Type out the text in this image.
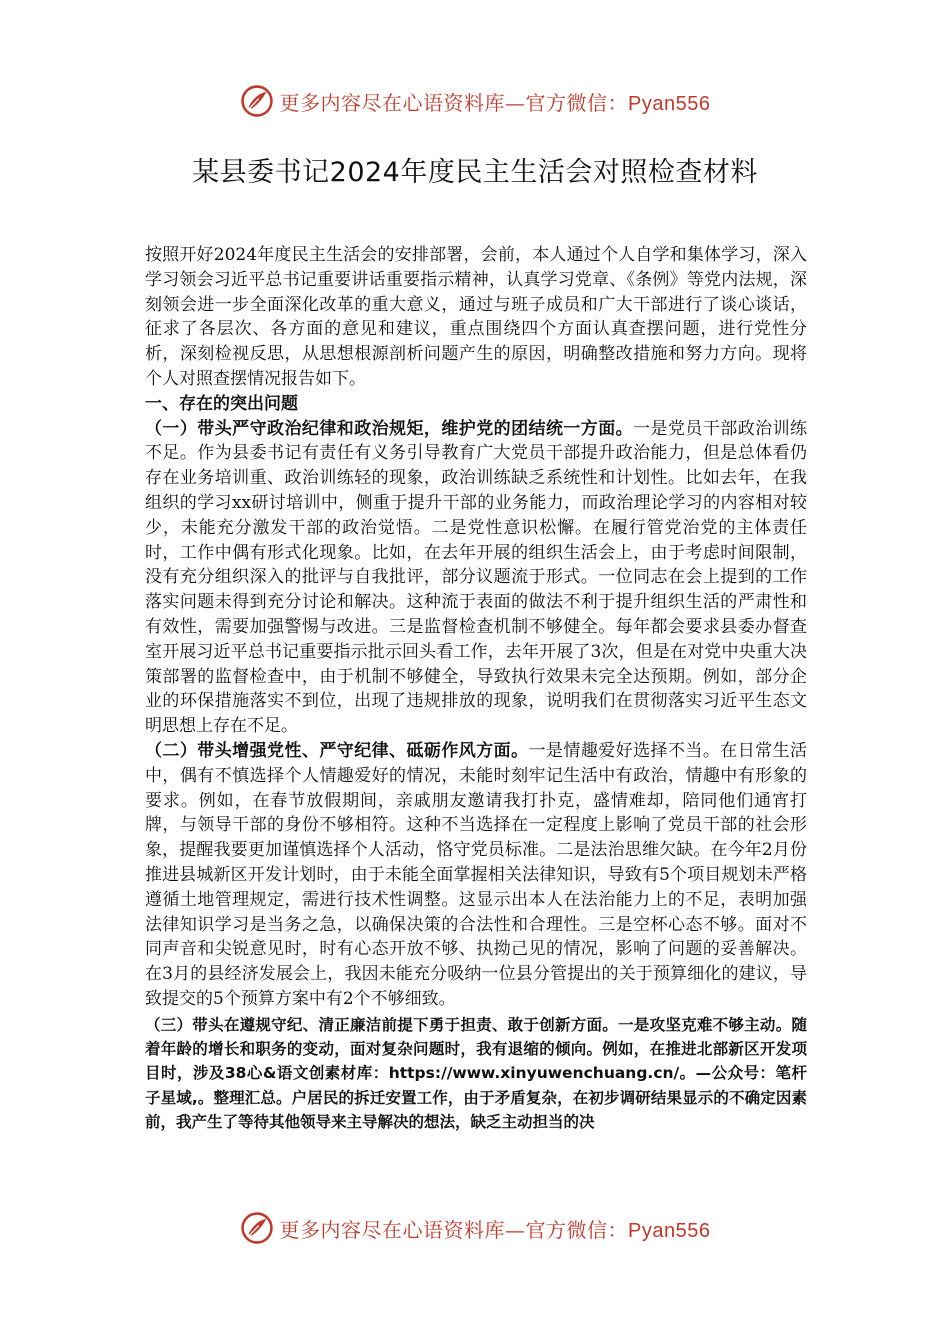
更多内容尽在心语资料库—官方微信：Pyan556
某县委书记2024年度民主生活会对照检查材料

按照开好2024年度民主生活会的安排部署，会前，本人通过个人自学和集体学习，深入学习领会习近平总书记重要讲话重要指示精神，认真学习党章、《条例》等党内法规，深刻领会进一步全面深化改革的重大意义，通过与班子成员和广大干部进行了谈心谈话，征求了各层次、各方面的意见和建议，重点围绕四个方面认真查摆问题，进行党性分析，深刻检视反思，从思想根源剖析问题产生的原因，明确整改措施和努力方向。现将个人对照查摆情况报告如下。

一、存在的突出问题

（一）带头严守政治纪律和政治规矩，维护党的团结统一方面。一是党员干部政治训练不足。作为县委书记有责任有义务引导教育广大党员干部提升政治能力，但是总体看仍存在业务培训重、政治训练轻的现象，政治训练缺乏系统性和计划性。比如去年，在我组织的学习xx研讨培训中，侧重于提升干部的业务能力，而政治理论学习的内容相对较少，未能充分激发干部的政治觉悟。二是党性意识松懈。在履行管党治党的主体责任时，工作中偶有形式化现象。比如，在去年开展的组织生活会上，由于考虑时间限制，没有充分组织深入的批评与自我批评，部分议题流于形式。一位同志在会上提到的工作落实问题未得到充分讨论和解决。这种流于表面的做法不利于提升组织生活的严肃性和有效性，需要加强警惕与改进。三是监督检查机制不够健全。每年都会要求县委办督查室开展习近平总书记重要指示批示回头看工作，去年开展了3次，但是在对党中央重大决策部署的监督检查中，由于机制不够健全，导致执行效果未完全达预期。例如，部分企业的环保措施落实不到位，出现了违规排放的现象，说明我们在贯彻落实习近平生态文明思想上存在不足。

（二）带头增强党性、严守纪律、砥砺作风方面。一是情趣爱好选择不当。在日常生活中，偶有不慎选择个人情趣爱好的情况，未能时刻牢记生活中有政治，情趣中有形象的要求。例如，在春节放假期间，亲戚朋友邀请我打扑克，盛情难却，陪同他们通宵打牌，与领导干部的身份不够相符。这种不当选择在一定程度上影响了党员干部的社会形象，提醒我要更加谨慎选择个人活动，恪守党员标准。二是法治思维欠缺。在今年2月份推进县城新区开发计划时，由于未能全面掌握相关法律知识，导致有5个项目规划未严格遵循土地管理规定，需进行技术性调整。这显示出本人在法治能力上的不足，表明加强法律知识学习是当务之急，以确保决策的合法性和合理性。三是空杯心态不够。面对不同声音和尖锐意见时，时有心态开放不够、执拗己见的情况，影响了问题的妥善解决。在3月的县经济发展会上，我因未能充分吸纳一位县分管提出的关于预算细化的建议，导致提交的5个预算方案中有2个不够细致。

（三）带头在遵规守纪、清正廉洁前提下勇于担责、敢于创新方面。一是攻坚克难不够主动。随着年龄的增长和职务的变动，面对复杂问题时，我有退缩的倾向。例如，在推进北部新区开发项目时，涉及38心&语文创素材库：https://www.xinyuwenchuang.cn/。—公众号：笔杆子星域,。整理汇总。户居民的拆迁安置工作，由于矛盾复杂，在初步调研结果显示的不确定因素前，我产生了等待其他领导来主导解决的想法，缺乏主动担当的决

更多内容尽在心语资料库—官方微信：Pyan556
